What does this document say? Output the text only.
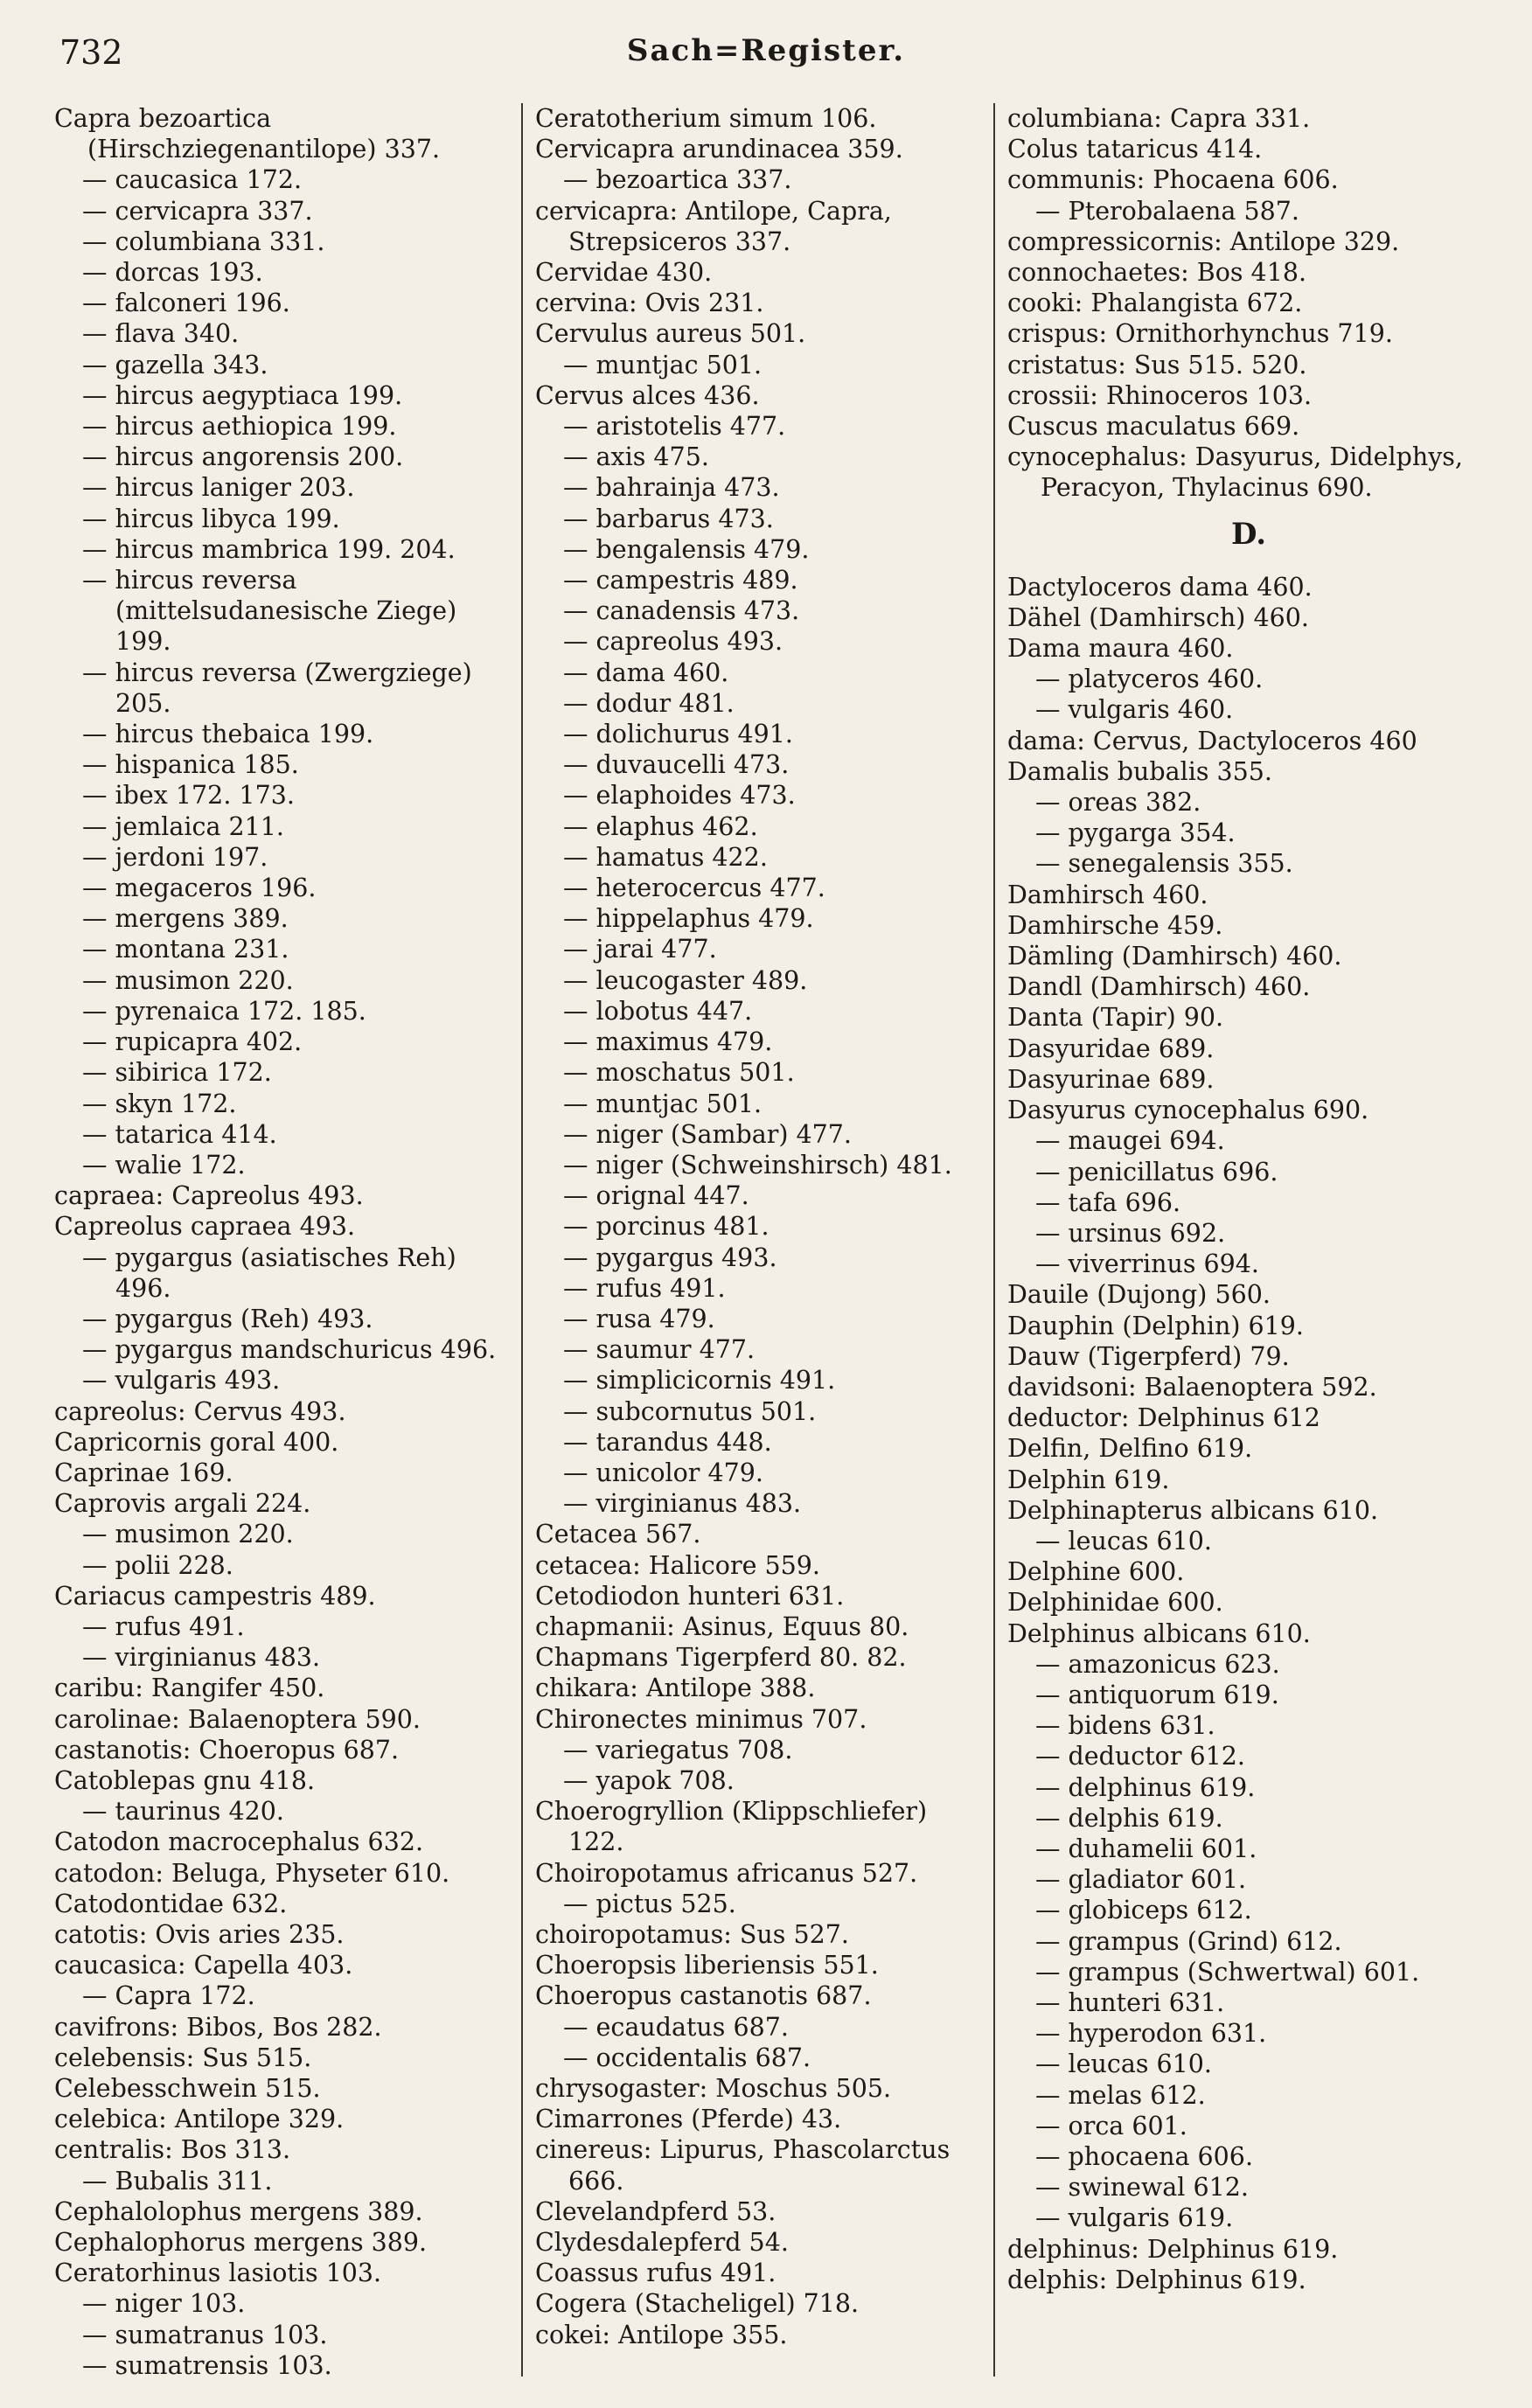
732	Sach=Register.
Capra bezoartica (Hirschziegenantilope) 337.
— caucasica 172.
— cervicapra 337.
— columbiana 331.
— dorcas 193.
— falconeri 196.
— flava 340.
— gazella 343.
— hircus aegyptiaca 199.
— hircus aethiopica 199.
— hircus angorensis 200.
— hircus laniger 203.
— hircus libyca 199.
— hircus mambrica 199. 204.
— hircus reversa (mittelsudanesische Ziege) 199.
— hircus reversa (Zwergziege) 205.
— hircus thebaica 199.
— hispanica 185.
— ibex 172. 173.
— jemlaica 211.
— jerdoni 197.
— megaceros 196.
— mergens 389.
— montana 231.
— musimon 220.
— pyrenaica 172. 185.
— rupicapra 402.
— sibirica 172.
— skyn 172.
— tatarica 414.
— walie 172.
capraea: Capreolus 493.
Capreolus capraea 493.
— pygargus (asiatisches Reh) 496.
— pygargus (Reh) 493.
— pygargus mandschuricus 496.
— vulgaris 493.
capreolus: Cervus 493.
Capricornis goral 400.
Caprinae 169.
Caprovis argali 224.
— musimon 220.
— polii 228.
Cariacus campestris 489.
— rufus 491.
— virginianus 483.
caribu: Rangifer 450.
carolinae: Balaenoptera 590.
castanotis: Choeropus 687.
Catoblepas gnu 418.
— taurinus 420.
Catodon macrocephalus 632.
catodon: Beluga, Physeter 610.
Catodontidae 632.
catotis: Ovis aries 235.
caucasica: Capella 403.
— Capra 172.
cavifrons: Bibos, Bos 282.
celebensis: Sus 515.
Celebesschwein 515.
celebica: Antilope 329.
centralis: Bos 313.
— Bubalis 311.
Cephalolophus mergens 389.
Cephalophorus mergens 389.
Ceratorhinus lasiotis 103.
— niger 103.
— sumatranus 103.
— sumatrensis 103.
Ceratotherium simum 106.
Cervicapra arundinacea 359.
— bezoartica 337.
cervicapra: Antilope, Capra, Strepsiceros 337.
Cervidae 430.
cervina: Ovis 231.
Cervulus aureus 501.
— muntjac 501.
Cervus alces 436.
— aristotelis 477.
— axis 475.
— bahrainja 473.
— barbarus 473.
— bengalensis 479.
— campestris 489.
— canadensis 473.
— capreolus 493.
— dama 460.
— dodur 481.
— dolichurus 491.
— duvaucelli 473.
— elaphoides 473.
— elaphus 462.
— hamatus 422.
— heterocercus 477.
— hippelaphus 479.
— jarai 477.
— leucogaster 489.
— lobotus 447.
— maximus 479.
— moschatus 501.
— muntjac 501.
— niger (Sambar) 477.
— niger (Schweinshirsch) 481.
— orignal 447.
— porcinus 481.
— pygargus 493.
— rufus 491.
— rusa 479.
— saumur 477.
— simplicicornis 491.
— subcornutus 501.
— tarandus 448.
— unicolor 479.
— virginianus 483.
Cetacea 567.
cetacea: Halicore 559.
Cetodiodon hunteri 631.
chapmanii: Asinus, Equus 80.
Chapmans Tigerpferd 80. 82.
chikara: Antilope 388.
Chironectes minimus 707.
— variegatus 708.
— yapok 708.
Choerogryllion (Klippschliefer) 122.
Choiropotamus africanus 527.
— pictus 525.
choiropotamus: Sus 527.
Choeropsis liberiensis 551.
Choeropus castanotis 687.
— ecaudatus 687.
— occidentalis 687.
chrysogaster: Moschus 505.
Cimarrones (Pferde) 43.
cinereus: Lipurus, Phascolarctus 666.
Clevelandpferd 53.
Clydesdalepferd 54.
Coassus rufus 491.
Cogera (Stacheligel) 718.
cokei: Antilope 355.
columbiana: Capra 331.
Colus tataricus 414.
communis: Phocaena 606.
— Pterobalaena 587.
compressicornis: Antilope 329.
connochaetes: Bos 418.
cooki: Phalangista 672.
crispus: Ornithorhynchus 719.
cristatus: Sus 515. 520.
crossii: Rhinoceros 103.
Cuscus maculatus 669.
cynocephalus: Dasyurus, Didelphys, Peracyon, Thylacinus 690.
D.
Dactyloceros dama 460.
Dähel (Damhirsch) 460.
Dama maura 460.
— platyceros 460.
— vulgaris 460.
dama: Cervus, Dactyloceros 460
Damalis bubalis 355.
— oreas 382.
— pygarga 354.
— senegalensis 355.
Damhirsch 460.
Damhirsche 459.
Dämling (Damhirsch) 460.
Dandl (Damhirsch) 460.
Danta (Tapir) 90.
Dasyuridae 689.
Dasyurinae 689.
Dasyurus cynocephalus 690.
— maugei 694.
— penicillatus 696.
— tafa 696.
— ursinus 692.
— viverrinus 694.
Dauile (Dujong) 560.
Dauphin (Delphin) 619.
Dauw (Tigerpferd) 79.
davidsoni: Balaenoptera 592.
deductor: Delphinus 612
Delfin, Delfino 619.
Delphin 619.
Delphinapterus albicans 610.
— leucas 610.
Delphine 600.
Delphinidae 600.
Delphinus albicans 610.
— amazonicus 623.
— antiquorum 619.
— bidens 631.
— deductor 612.
— delphinus 619.
— delphis 619.
— duhamelii 601.
— gladiator 601.
— globiceps 612.
— grampus (Grind) 612.
— grampus (Schwertwal) 601.
— hunteri 631.
— hyperodon 631.
— leucas 610.
— melas 612.
— orca 601.
— phocaena 606.
— swinewal 612.
— vulgaris 619.
delphinus: Delphinus 619.
delphis: Delphinus 619.
